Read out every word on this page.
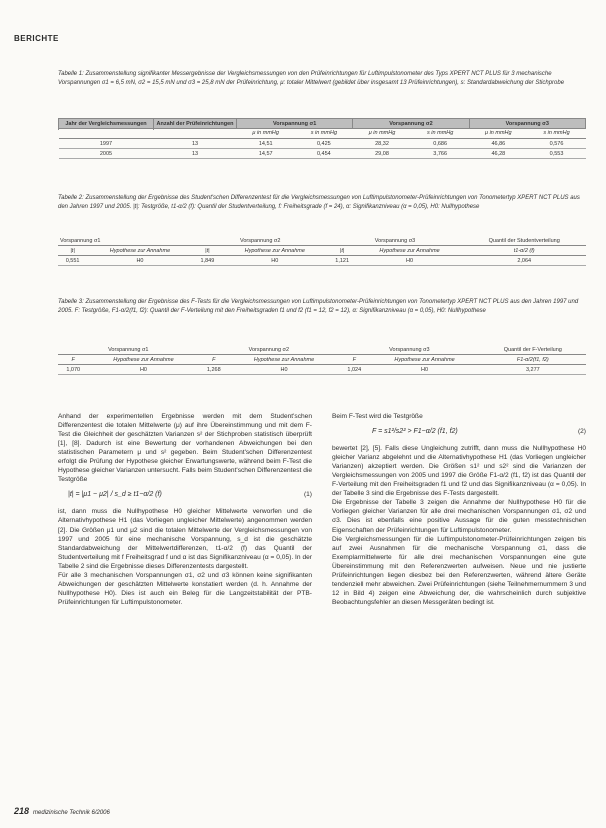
BERICHTE
Tabelle 1: Zusammenstellung signifikanter Messergebnisse der Vergleichsmessungen von den Prüfeinrichtungen für Luftimpulstonometer des Typs XPERT NCT PLUS für 3 mechanische Vorspannungen σ1 = 6,5 mN, σ2 = 15,5 mN und σ3 = 25,8 mN der Prüfeinrichtung, μ: totaler Mittelwert (gebildet über insgesamt 13 Prüfeinrichtungen), s: Standardabweichung der Stichprobe
Jahr der Vergleichsmessungen	Anzahl der Prüfeinrichtungen	Vorspannung σ1		Vorspannung σ2		Vorspannung σ3	

		μ in mmHg	s in mmHg	μ in mmHg	s in mmHg	μ in mmHg	s in mmHg
1997	13	14,51	0,425	28,32	0,686	46,86	0,576
2005	13	14,57	0,454	29,08	3,766	46,28	0,553
Tabelle 2: Zusammenstellung der Ergebnisse des Student'schen Differenzentest für die Vergleichsmessungen von Luftimpulstonometer-Prüfeinrichtungen von Tonometertyp XPERT NCT PLUS aus den Jahren 1997 und 2005. |t|: Testgröße, t1-α/2 (f): Quantil der Studentverteilung, f: Freiheitsgrade (f = 24), α: Signifikanzniveau (α = 0,05), H0: Nullhypothese
Vorspannung σ1		Vorspannung σ2		Vorspannung σ3		Quantil der Studentverteilung
|t|	Hypothese zur Annahme	|t|	Hypothese zur Annahme	|t|	Hypothese zur Annahme	t1-α/2 (f)
0,551	H0	1,849	H0	1,121	H0	2,064
Tabelle 3: Zusammenstellung der Ergebnisse des F-Tests für die Vergleichsmessungen von Luftimpulstonometer-Prüfeinrichtungen von Tonometertyp XPERT NCT PLUS aus den Jahren 1997 und 2005. F: Testgröße, F1-α/2(f1, f2): Quantil der F-Verteilung mit den Freiheitsgraden f1 und f2 (f1 = 12, f2 = 12), α: Signifikanzniveau (α = 0,05), H0: Nullhypothese
Vorspannung σ1		Vorspannung σ2		Vorspannung σ3		Quantil der F-Verteilung
F	Hypothese zur Annahme	F	Hypothese zur Annahme	F	Hypothese zur Annahme	F1-α/2(f1, f2)
1,070	H0	1,268	H0	1,024	H0	3,277

Anhand der experimentellen Ergebnisse werden mit dem Student'schen Differenzentest die totalen Mittelwerte (μ) auf ihre Übereinstimmung und mit dem F-Test die Gleichheit der geschätzten Varianzen s² der Stichproben statistisch überprüft [1], [8]. Dadurch ist eine Bewertung der vorhandenen Abweichungen bei den statistischen Parametern μ und s² gegeben. Beim Student'schen Differenzentest erfolgt die Prüfung der Hypothese gleicher Erwartungswerte, während beim F-Test die Hypothese gleicher Varianzen untersucht. Falls beim Student'schen Differenzentest die Testgröße

|t| = |μ1 − μ2| / s_d ≥ t1−α/2 (f)	(1)

ist, dann muss die Nullhypothese H0 gleicher Mittelwerte verworfen und die Alternativhypothese H1 (das Vorliegen ungleicher Mittelwerte) angenommen werden [2]. Die Größen μ1 und μ2 sind die totalen Mittelwerte der Vergleichsmessungen von 1997 und 2005 für eine mechanische Vorspannung, s_d ist die geschätzte Standardabweichung der Mittelwertdifferenzen, t1-α/2 (f) das Quantil der Studentverteilung mit f Freiheitsgrad f und α ist das Signifikanzniveau (α = 0,05). In der Tabelle 2 sind die Ergebnisse dieses Differenzentests dargestellt.

Für alle 3 mechanischen Vorspannungen σ1, σ2 und σ3 können keine signifikanten Abweichungen der geschätzten Mittelwerte konstatiert werden (d. h. Annahme der Nullhypothese H0). Dies ist auch ein Beleg für die Langzeitstabilität der PTB-Prüfeinrichtungen für Luftimpulstonometer.

Beim F-Test wird die Testgröße

F = s1²/s2² > F1−α/2 (f1, f2)	(2)

bewertet [2], [5]. Falls diese Ungleichung zutrifft, dann muss die Nullhypothese H0 gleicher Varianz abgelehnt und die Alternativhypothese H1 (das Vorliegen ungleicher Varianzen) akzeptiert werden. Die Größen s1² und s2² sind die Varianzen der Vergleichsmessungen von 2005 und 1997 die Größe F1-α/2 (f1, f2) ist das Quantil der F-Verteilung mit den Freiheitsgraden f1 und f2 und das Signifikanzniveau (α = 0,05). In der Tabelle 3 sind die Ergebnisse des F-Tests dargestellt.

Die Ergebnisse der Tabelle 3 zeigen die Annahme der Nullhypothese H0 für die Vorliegen gleicher Varianzen für alle drei mechanischen Vorspannungen σ1, σ2 und σ3. Dies ist ebenfalls eine positive Aussage für die guten messtechnischen Eigenschaften der Prüfeinrichtungen für Luftimpulstonometer.

Die Vergleichsmessungen für die Luftimpulstonometer-Prüfeinrichtungen zeigen bis auf zwei Ausnahmen für die mechanische Vorspannung σ1, dass die Exemplarmittelwerte für alle drei mechanischen Vorspannungen eine gute Übereinstimmung mit den Referenzwerten aufweisen. Neue und nie justierte Prüfeinrichtungen liegen diesbez bei den Referenzwerten, während ältere Geräte tendenziell mehr abweichen. Zwei Prüfeinrichtungen (siehe Teilnehmernummern 3 und 12 in Bild 4) zeigen eine Abweichung der, die wahrscheinlich durch subjektive Beobachtungsfehler an diesen Messgeräten bedingt ist.

218 medizinische Technik 6/2006
